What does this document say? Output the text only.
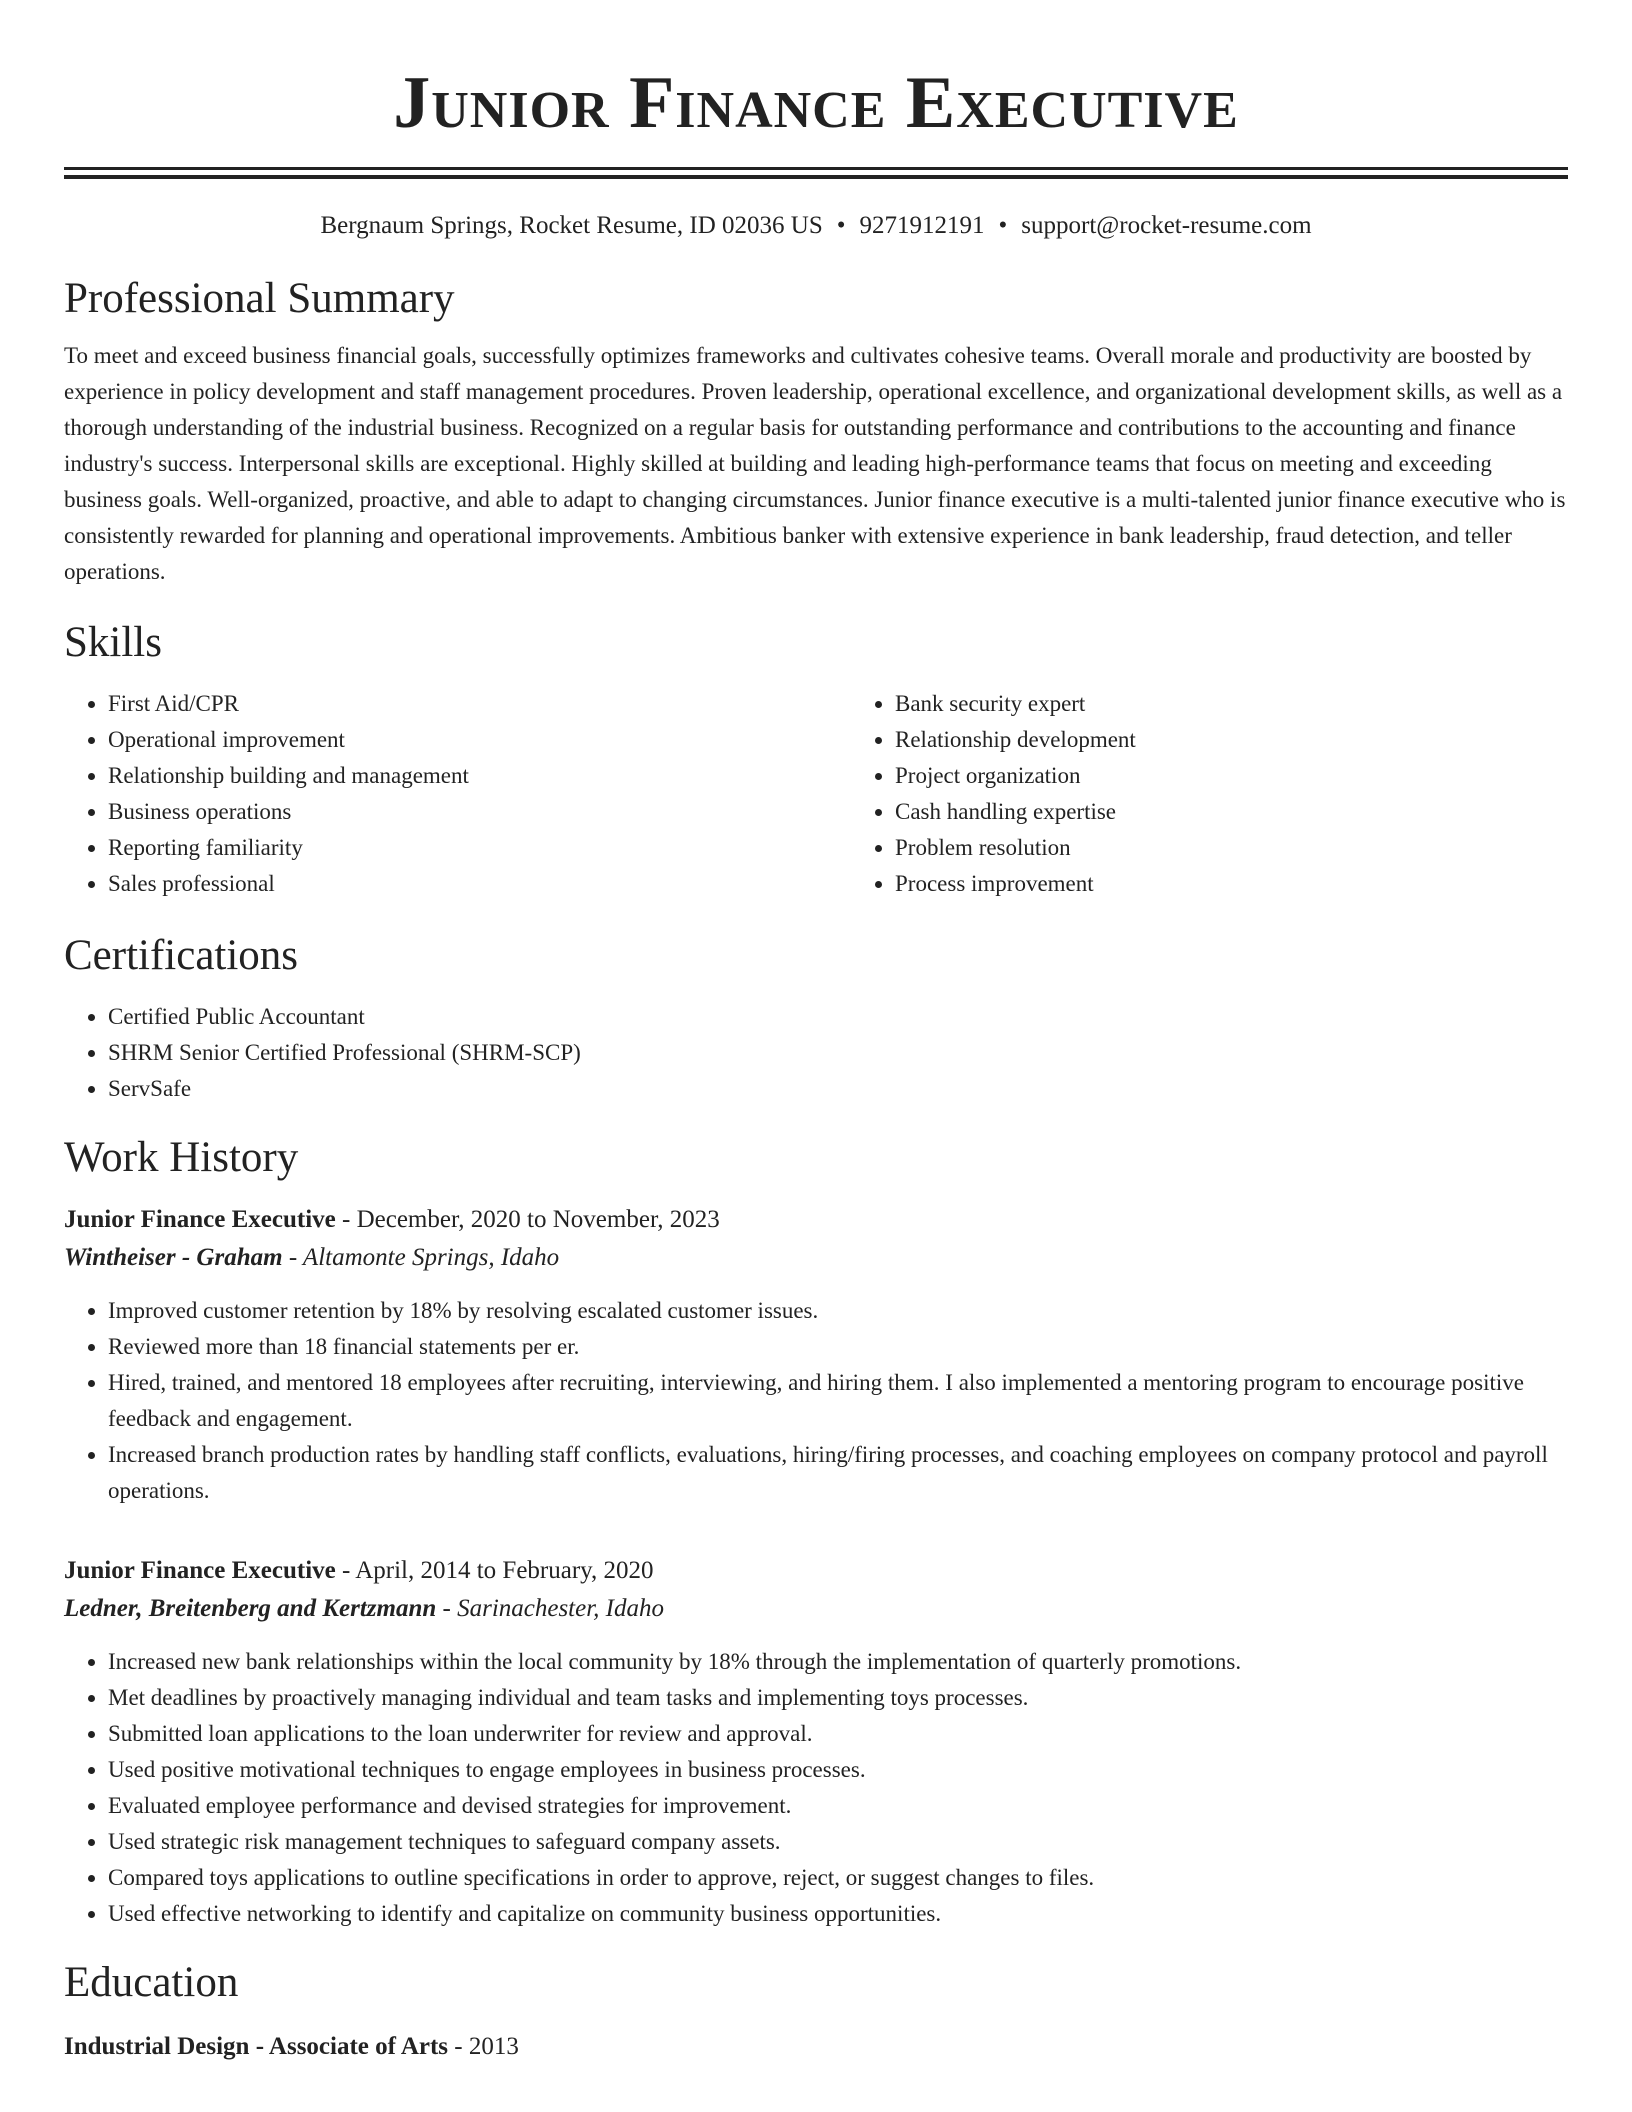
Junior Finance Executive
Bergnaum Springs, Rocket Resume, ID 02036 US • 9271912191 • support@rocket-resume.com
Professional Summary

To meet and exceed business financial goals, successfully optimizes frameworks and cultivates cohesive teams. Overall morale and productivity are boosted by experience in policy development and staff management procedures. Proven leadership, operational excellence, and organizational development skills, as well as a thorough understanding of the industrial business. Recognized on a regular basis for outstanding performance and contributions to the accounting and finance industry's success. Interpersonal skills are exceptional. Highly skilled at building and leading high-performance teams that focus on meeting and exceeding business goals. Well-organized, proactive, and able to adapt to changing circumstances. Junior finance executive is a multi-talented junior finance executive who is consistently rewarded for planning and operational improvements. Ambitious banker with extensive experience in bank leadership, fraud detection, and teller operations.

Skills
• First Aid/CPR
• Operational improvement
• Relationship building and management
• Business operations
• Reporting familiarity
• Sales professional
• Bank security expert
• Relationship development
• Project organization
• Cash handling expertise
• Problem resolution
• Process improvement
Certifications
• Certified Public Accountant
• SHRM Senior Certified Professional (SHRM-SCP)
• ServSafe
Work History
Junior Finance Executive - December, 2020 to November, 2023
Wintheiser - Graham - Altamonte Springs, Idaho
• Improved customer retention by 18% by resolving escalated customer issues.
• Reviewed more than 18 financial statements per er.
• Hired, trained, and mentored 18 employees after recruiting, interviewing, and hiring them. I also implemented a mentoring program to encourage positive feedback and engagement.
• Increased branch production rates by handling staff conflicts, evaluations, hiring/firing processes, and coaching employees on company protocol and payroll operations.
Junior Finance Executive - April, 2014 to February, 2020
Ledner, Breitenberg and Kertzmann - Sarinachester, Idaho
• Increased new bank relationships within the local community by 18% through the implementation of quarterly promotions.
• Met deadlines by proactively managing individual and team tasks and implementing toys processes.
• Submitted loan applications to the loan underwriter for review and approval.
• Used positive motivational techniques to engage employees in business processes.
• Evaluated employee performance and devised strategies for improvement.
• Used strategic risk management techniques to safeguard company assets.
• Compared toys applications to outline specifications in order to approve, reject, or suggest changes to files.
• Used effective networking to identify and capitalize on community business opportunities.
Education
Industrial Design - Associate of Arts - 2013
